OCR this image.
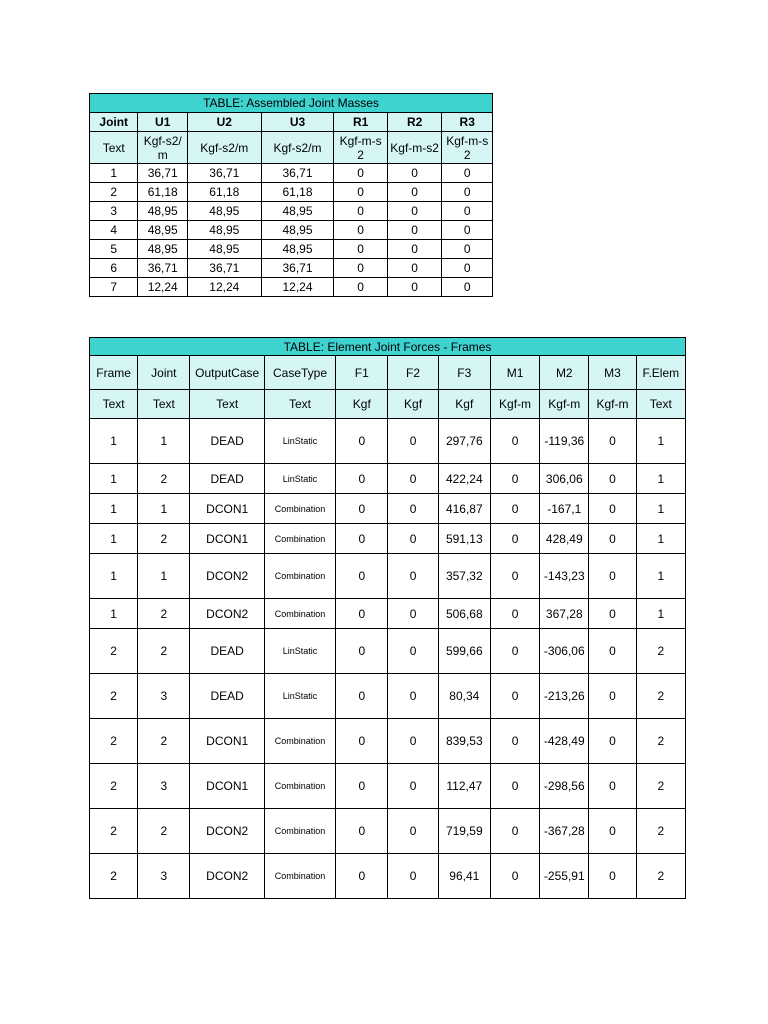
TABLE: Assembled Joint Masses						
Joint	U1	U2	U3	R1	R2	R3
Text	Kgf-s2/m	Kgf-s2/m	Kgf-s2/m	Kgf-m-s2	Kgf-m-s2	Kgf-m-s2
1	36,71	36,71	36,71	0	0	0
2	61,18	61,18	61,18	0	0	0
3	48,95	48,95	48,95	0	0	0
4	48,95	48,95	48,95	0	0	0
5	48,95	48,95	48,95	0	0	0
6	36,71	36,71	36,71	0	0	0
7	12,24	12,24	12,24	0	0	0
TABLE: Element Joint Forces - Frames										
Frame	Joint	OutputCase	CaseType	F1	F2	F3	M1	M2	M3	F.Elem
Text	Text	Text	Text	Kgf	Kgf	Kgf	Kgf-m	Kgf-m	Kgf-m	Text
1	1	DEAD	LinStatic	0	0	297,76	0	-119,36	0	1
1	2	DEAD	LinStatic	0	0	422,24	0	306,06	0	1
1	1	DCON1	Combination	0	0	416,87	0	-167,1	0	1
1	2	DCON1	Combination	0	0	591,13	0	428,49	0	1
1	1	DCON2	Combination	0	0	357,32	0	-143,23	0	1
1	2	DCON2	Combination	0	0	506,68	0	367,28	0	1
2	2	DEAD	LinStatic	0	0	599,66	0	-306,06	0	2
2	3	DEAD	LinStatic	0	0	80,34	0	-213,26	0	2
2	2	DCON1	Combination	0	0	839,53	0	-428,49	0	2
2	3	DCON1	Combination	0	0	112,47	0	-298,56	0	2
2	2	DCON2	Combination	0	0	719,59	0	-367,28	0	2
2	3	DCON2	Combination	0	0	96,41	0	-255,91	0	2
